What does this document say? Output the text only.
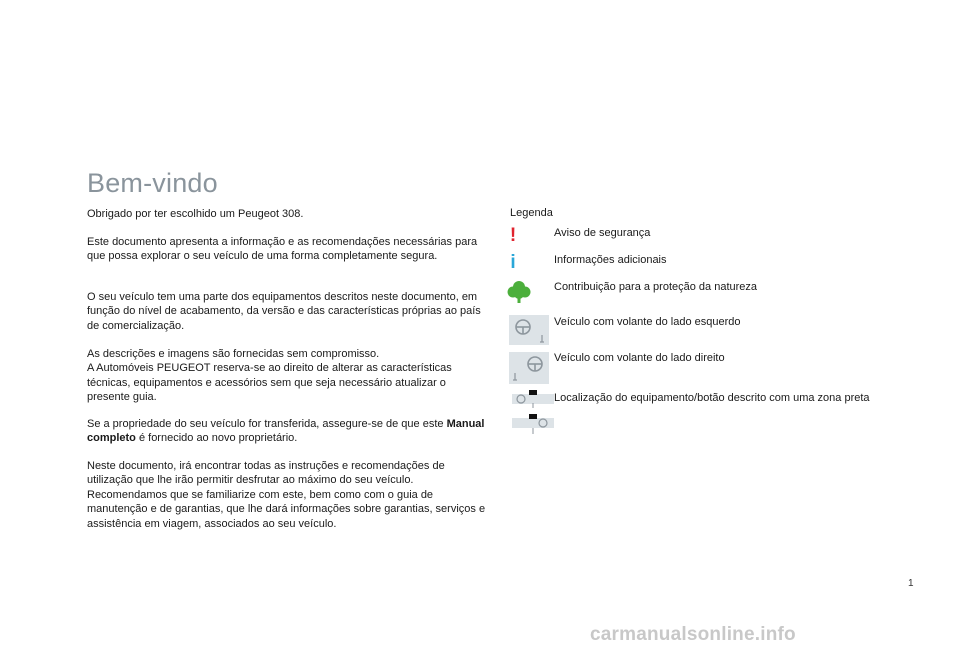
Bem-vindo

Obrigado por ter escolhido um Peugeot 308.

Este documento apresenta a informação e as recomendações necessárias para que possa explorar o seu veículo de uma forma completamente segura.

O seu veículo tem uma parte dos equipamentos descritos neste documento, em função do nível de acabamento, da versão e das características próprias ao país de comercialização.

As descrições e imagens são fornecidas sem compromisso.
A Automóveis PEUGEOT reserva-se ao direito de alterar as características técnicas, equipamentos e acessórios sem que seja necessário atualizar o presente guia.

Se a propriedade do seu veículo for transferida, assegure-se de que este Manual completo é fornecido ao novo proprietário.

Neste documento, irá encontrar todas as instruções e recomendações de utilização que lhe irão permitir desfrutar ao máximo do seu veículo. Recomendamos que se familiarize com este, bem como com o guia de manutenção e de garantias, que lhe dará informações sobre garantias, serviços e assistência em viagem, associados ao seu veículo.

Legenda

!	Aviso de segurança
i	Informações adicionais
Contribuição para a proteção da natureza
Veículo com volante do lado esquerdo
Veículo com volante do lado direito
Localização do equipamento/botão descrito com uma zona preta
1
carmanualsonline.info
